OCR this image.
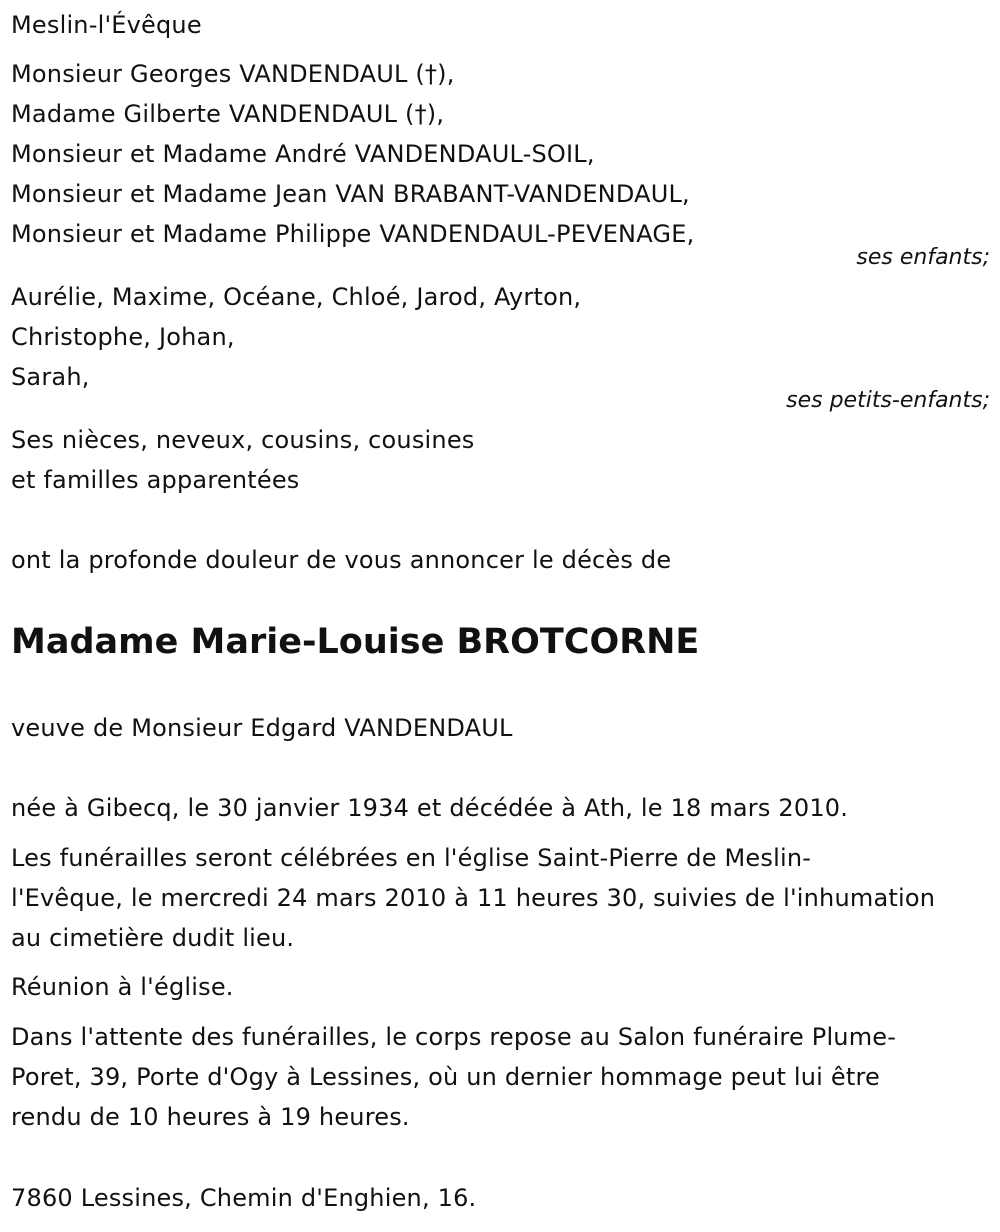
Meslin-l'Évêque
Monsieur Georges VANDENDAUL (†),
Madame Gilberte VANDENDAUL (†),
Monsieur et Madame André VANDENDAUL-SOIL,
Monsieur et Madame Jean VAN BRABANT-VANDENDAUL,
Monsieur et Madame Philippe VANDENDAUL-PEVENAGE,
ses enfants;
Aurélie, Maxime, Océane, Chloé, Jarod, Ayrton,
Christophe, Johan,
Sarah,
ses petits-enfants;
Ses nièces, neveux, cousins, cousines
et familles apparentées
ont la profonde douleur de vous annoncer le décès de
Madame Marie-Louise BROTCORNE
veuve de Monsieur Edgard VANDENDAUL
née à Gibecq, le 30 janvier 1934 et décédée à Ath, le 18 mars 2010.
Les funérailles seront célébrées en l'église Saint-Pierre de Meslin-
l'Evêque, le mercredi 24 mars 2010 à 11 heures 30, suivies de l'inhumation
au cimetière dudit lieu.
Réunion à l'église.
Dans l'attente des funérailles, le corps repose au Salon funéraire Plume-
Poret, 39, Porte d'Ogy à Lessines, où un dernier hommage peut lui être
rendu de 10 heures à 19 heures.
7860 Lessines, Chemin d'Enghien, 16.
